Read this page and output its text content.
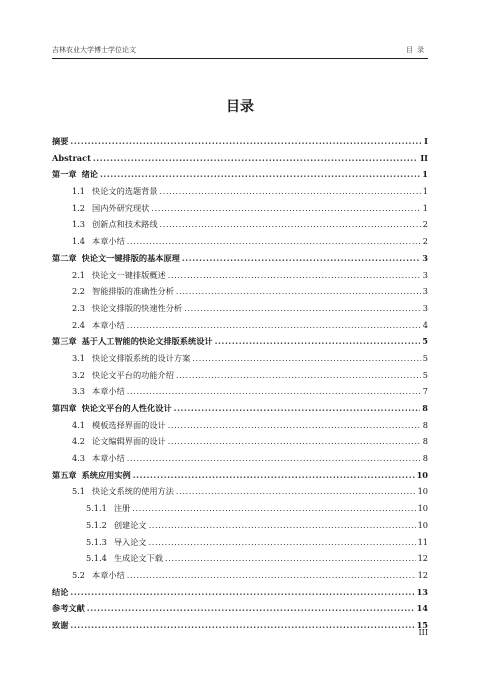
吉林农业大学博士学位论文	目录
目录
摘要 .....	I
Abstract .....	II
第一章 绪论 .....	1
1.1 快论文的选题背景 .....	1
1.2 国内外研究现状 .....	1
1.3 创新点和技术路线 .....	2
1.4 本章小结 .....	2
第二章 快论文一键排版的基本原理 .....	3
2.1 快论文一键排版概述 .....	3
2.2 智能排版的准确性分析 .....	3
2.3 快论文排版的快速性分析 .....	3
2.4 本章小结 .....	4
第三章 基于人工智能的快论文排版系统设计 .....	5
3.1 快论文排版系统的设计方案 .....	5
3.2 快论文平台的功能介绍 .....	5
3.3 本章小结 .....	7
第四章 快论文平台的人性化设计 .....	8
4.1 模板选择界面的设计 .....	8
4.2 论文编辑界面的设计 .....	8
4.3 本章小结 .....	8
第五章 系统应用实例 .....	10
5.1 快论文系统的使用方法 .....	10
5.1.1 注册 .....	10
5.1.2 创建论文 .....	10
5.1.3 导入论文 .....	11
5.1.4 生成论文下载 .....	12
5.2 本章小结 .....	12
结论 .....	13
参考文献 .....	14
致谢 .....	15
III
